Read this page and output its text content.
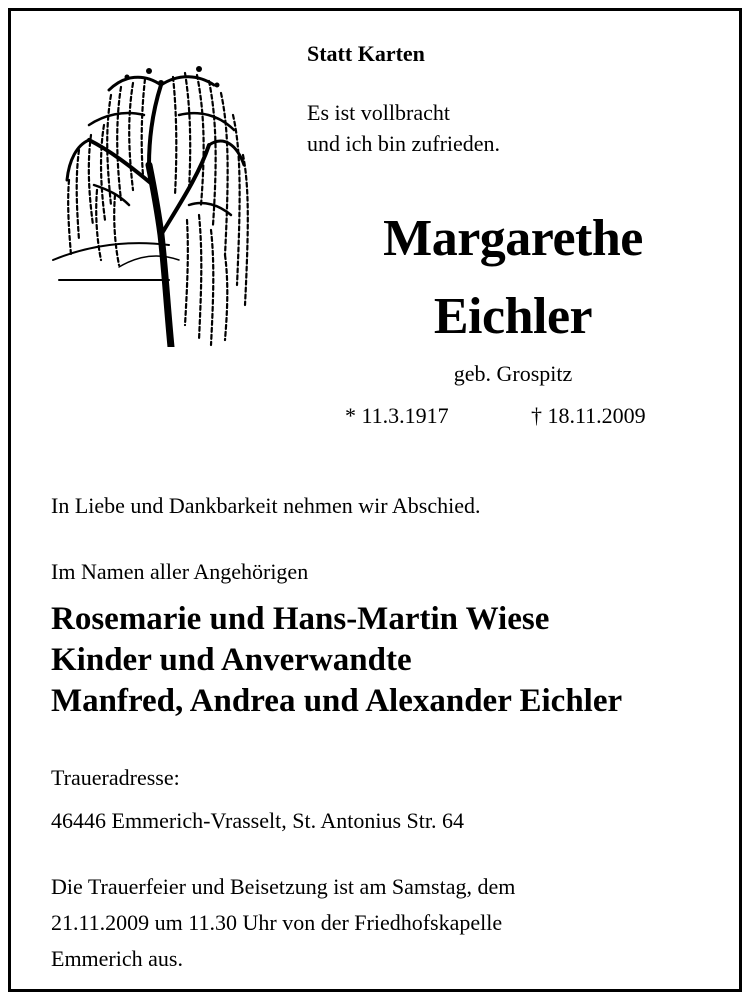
Statt Karten
Es ist vollbracht
und ich bin zufrieden.
Margarethe
Eichler
geb. Grospitz
* 11.3.1917	† 18.11.2009
In Liebe und Dankbarkeit nehmen wir Abschied.
Im Namen aller Angehörigen
Rosemarie und Hans-Martin Wiese
Kinder und Anverwandte
Manfred, Andrea und Alexander Eichler
Traueradresse:
46446 Emmerich-Vrasselt, St. Antonius Str. 64
Die Trauerfeier und Beisetzung ist am Samstag, dem
21.11.2009 um 11.30 Uhr von der Friedhofskapelle
Emmerich aus.
